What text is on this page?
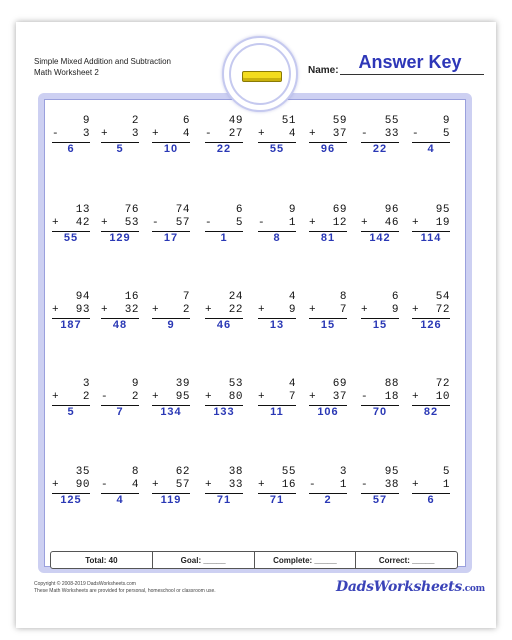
Simple Mixed Addition and Subtraction
Math Worksheet 2
Answer Key
Name:
9
-	3
6
2
+	3
5
6
+	4
10
49
-	27
22
51
+	4
55
59
+	37
96
55
-	33
22
9
-	5
4
13
+	42
55
76
+	53
129
74
-	57
17
6
-	5
1
9
-	1
8
69
+	12
81
96
+	46
142
95
+	19
114
94
+	93
187
16
+	32
48
7
+	2
9
24
+	22
46
4
+	9
13
8
+	7
15
6
+	9
15
54
+	72
126
3
+	2
5
9
-	2
7
39
+	95
134
53
+	80
133
4
+	7
11
69
+	37
106
88
-	18
70
72
+	10
82
35
+	90
125
8
-	4
4
62
+	57
119
38
+	33
71
55
+	16
71
3
-	1
2
95
-	38
57
5
+	1
6
Total: 40	Goal: _____	Complete: _____	Correct: _____
Copyright © 2008-2019 DadsWorksheets.com
These Math Worksheets are provided for personal, homeschool or classroom use.	DadsWorksheets.com
